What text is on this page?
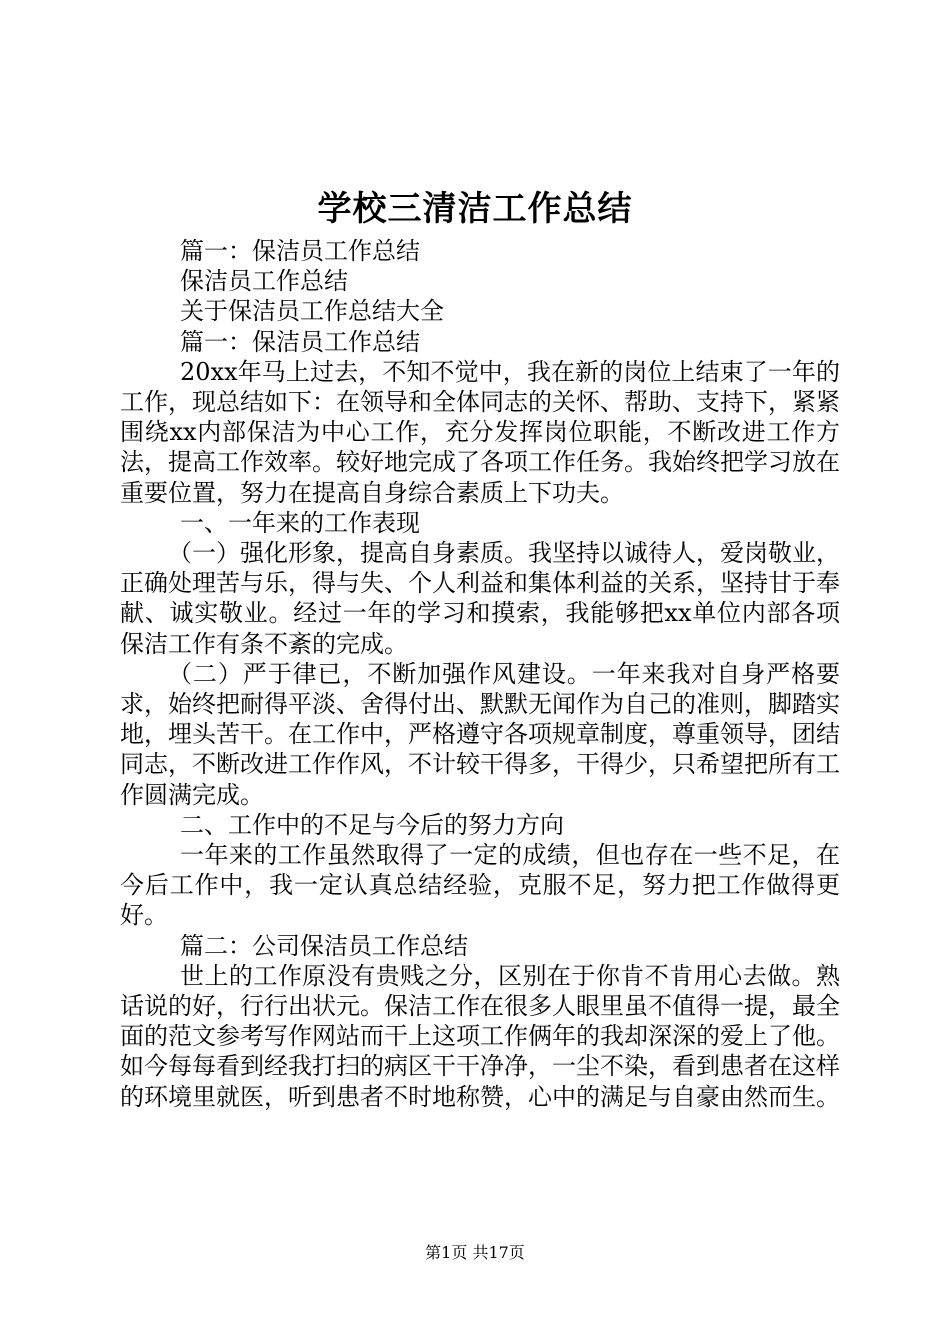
学校三清洁工作总结

篇一：保洁员工作总结

保洁员工作总结

关于保洁员工作总结大全

篇一：保洁员工作总结

20xx年马上过去，不知不觉中，我在新的岗位上结束了一年的工作，现总结如下：在领导和全体同志的关怀、帮助、支持下，紧紧围绕xx内部保洁为中心工作，充分发挥岗位职能，不断改进工作方法，提高工作效率。较好地完成了各项工作任务。我始终把学习放在重要位置，努力在提高自身综合素质上下功夫。

一、一年来的工作表现

（一）强化形象，提高自身素质。我坚持以诚待人，爱岗敬业，正确处理苦与乐，得与失、个人利益和集体利益的关系，坚持甘于奉献、诚实敬业。经过一年的学习和摸索，我能够把xx单位内部各项保洁工作有条不紊的完成。

（二）严于律已，不断加强作风建设。一年来我对自身严格要求，始终把耐得平淡、舍得付出、默默无闻作为自己的准则，脚踏实地，埋头苦干。在工作中，严格遵守各项规章制度，尊重领导，团结同志，不断改进工作作风，不计较干得多，干得少，只希望把所有工作圆满完成。

二、工作中的不足与今后的努力方向

一年来的工作虽然取得了一定的成绩，但也存在一些不足，在今后工作中，我一定认真总结经验，克服不足，努力把工作做得更好。

篇二：公司保洁员工作总结

世上的工作原没有贵贱之分，区别在于你肯不肯用心去做。熟话说的好，行行出状元。保洁工作在很多人眼里虽不值得一提，最全面的范文参考写作网站而干上这项工作俩年的我却深深的爱上了他。如今每每看到经我打扫的病区干干净净，一尘不染，看到患者在这样的环境里就医，听到患者不时地称赞，心中的满足与自豪由然而生。

第1页 共17页
